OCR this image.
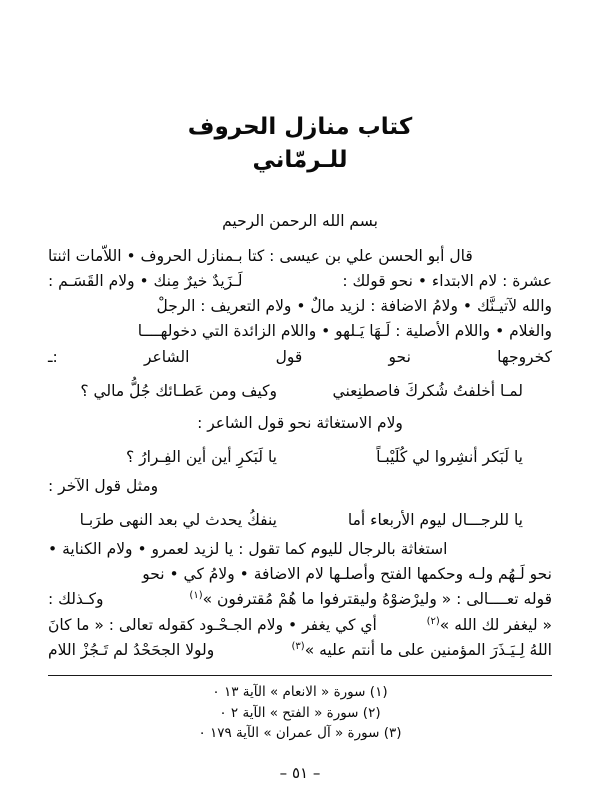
كتاب منازل الحروف
للـرمّاني
بسم الله الرحمن الرحيم
قال أبو الحسن علي بن عيسى : كتا بـمنازل الحروف • اللاّمات اثنتا
عشرة : لام الابتداء • نحو قولك :
لَـزَيدٌ خيرٌ مِنك • ولام القَسَـم :
والله لآتيـنَّك • ولامُ الاضافة : لزيد مالٌ • ولام التعريف : الرجلْ
والغلام • واللام الأصلية : لَـهَا يَـلهو • واللام الزائدة التي دخولهــــا
كخروجها نحو قول الشاعر :ـ
لمـا أخلفتُ شُكركَ فاصطنِعني
وكيف ومن عَطـائك جُلُّ مالي ؟
ولام الاستغاثة نحو قول الشاعر :
يا لَبَكر أنشِروا لي كُلَيْبـاً
يا لَبَكرِ أين أين الفِـرارُ ؟
ومثل قول الآخر :
يا للرجـــال ليوم الأربعاء أما
ينفكُ يحدث لي بعد النهى طرَبـا
استغاثة بالرجال لليوم كما تقول : يا لزيد لعمرو • ولام الكناية •
نحو لَـهُم ولـه وحكمها الفتح وأصلـها لام الاضافة • ولامُ كي • نحو
قوله تعــــالى : « وليرْضوْهُ وليقترفوا ما هُمْ مُقترفون »$^{(١)}$
وكـذلك :
« ليغفر لك الله »$^{(٢)}$
أي كي يغفر • ولام الجـحْـود كقوله تعالى : « ما كانَ
اللهُ لِـيَـذَرَ المؤمنين على ما أنتم عليه »$^{(٣)}$
ولولا الجحَحْدُ لم تَـجُزْ اللام
(١) سورة « الانعام » الآية ١٣ ٠
(٢) سورة « الفتح » الآية ٢ ٠
(٣) سورة « آل عمران » الآية ١٧٩ ٠
– ٥١ –
